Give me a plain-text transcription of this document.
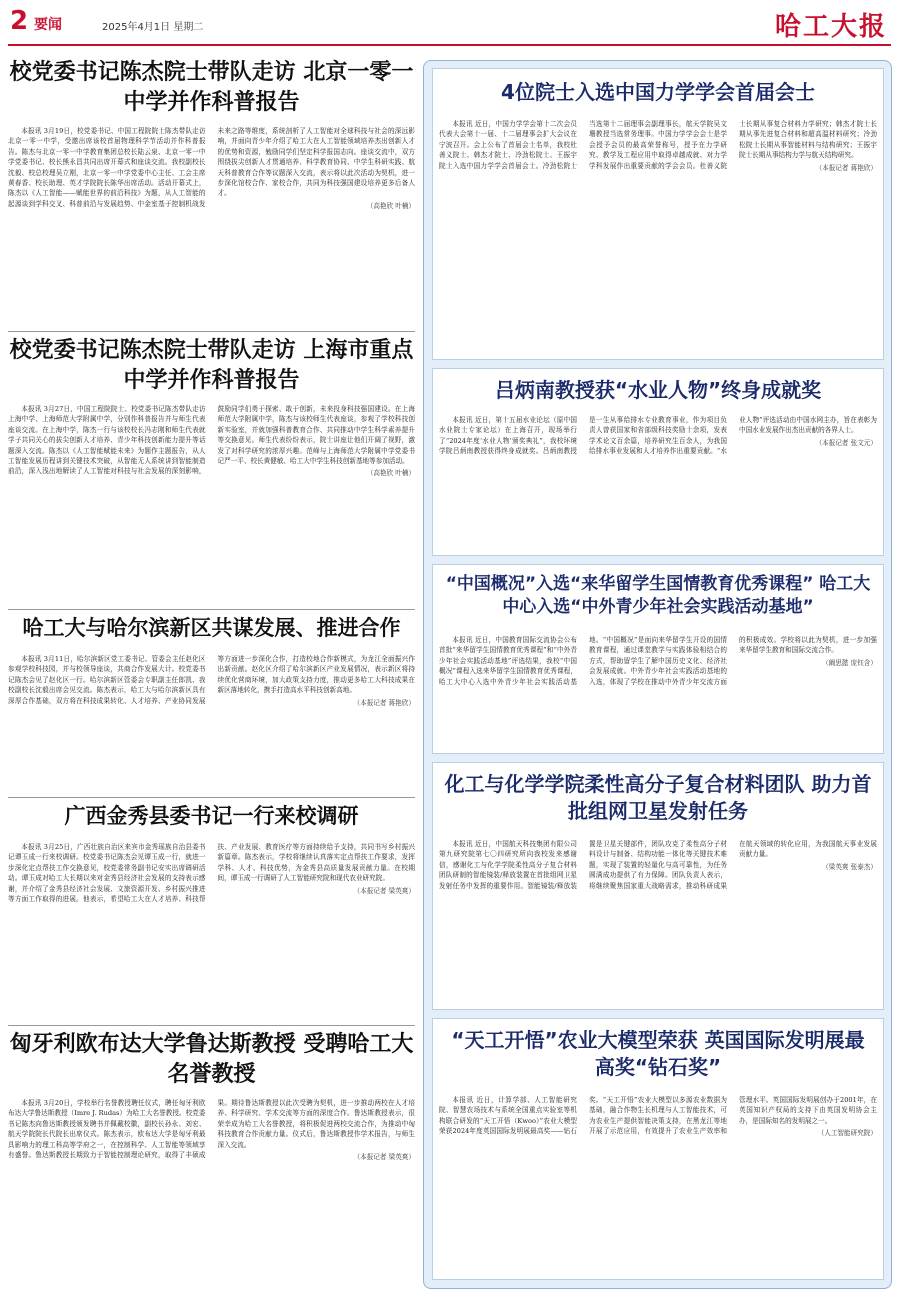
2 要闻	2025年4月1日 星期二	哈工大报
校党委书记陈杰院士带队走访 北京一零一中学并作科普报告

本报讯 3月19日，校党委书记、中国工程院院士陈杰带队走访北京一零一中学，受邀出席该校首届物理科学节活动并作科普报告。陈杰与北京一零一中学教育集团总校长陆云泉、北京一零一中学党委书记、校长熊永昌共同出席开幕式和座谈交流。我校副校长沈毅、校总校理吴立刚，北京一零一中学党委中心主任、工会主席黄春香、校长助理、英才学院院长陈华出席活动。活动开幕式上，陈杰以《人工智能——赋能世界的前沿科技》为题，从人工智能的起源谈到学科交叉、科普前沿与发展趋势、中金室基于控制机战发未来之路等维度，系统剖析了人工智能对全球科技与社会的深远影响，并面向青少年介绍了哈工大在人工智能领域培养杰出创新人才的优势和资源，勉励同学们坚定科学报国志向。座谈交流中，双方围绕拔尖创新人才贯通培养、科学教育协同、中学生科研实践、航天科普教育合作等议题深入交流，表示将以此次活动为契机，进一步深化馆校合作、家校合作，共同为科技强国建设培养更多后备人才。

（高艳欣 叶楠）
校党委书记陈杰院士带队走访 上海市重点中学并作科普报告

本报讯 3月27日，中国工程院院士、校党委书记陈杰带队走访上海中学、上海师范大学附属中学，分别作科普报告并与师生代表座谈交流。在上海中学，陈杰一行与该校校长冯志刚和师生代表就学子共同关心的拔尖创新人才培养、青少年科技创新能力提升等话题深入交流。陈杰以《人工智能赋能未来》为题作主题报告，从人工智能发展历程讲到关键技术突破，从智能无人系统讲到智能制造前沿，深入浅出地解读了人工智能对科技与社会发展的深刻影响，鼓励同学们勇于探索、敢于创新，未来投身科技强国建设。在上海师范大学附属中学，陈杰与该校师生代表座谈，参观了学校科技创新实验室，并就加强科普教育合作、共同推动中学生科学素养提升等交换意见。师生代表纷纷表示，院士讲座让他们开阔了视野，激发了对科学研究的浓厚兴趣。范峰与上海师范大学附属中学党委书记严一平、校长黄健敏、哈工大中学生科技创新基地等参加活动。

（高艳欣 叶楠）
哈工大与哈尔滨新区共谋发展、推进合作

本报讯 3月11日，哈尔滨新区党工委书记、管委会主任赵化区参观学校科技园，并与校领导座谈，共商合作发展大计。校党委书记陈杰会见了赵化区一行。哈尔滨新区管委会专职副主任郎凯、我校副校长沈毅出席会见交流。陈杰表示，哈工大与哈尔滨新区具有深厚合作基础，双方将在科技成果转化、人才培养、产业协同发展等方面进一步深化合作，打造校地合作新模式，为龙江全面振兴作出新贡献。赵化区介绍了哈尔滨新区产业发展情况，表示新区将持续优化营商环境，加大政策支持力度，推动更多哈工大科技成果在新区落地转化，携手打造高水平科技创新高地。

（本报记者 蒋艳欣）
广西金秀县委书记一行来校调研

本报讯 3月25日，广西壮族自治区来宾市金秀瑶族自治县委书记谭玉成一行来校调研。校党委书记陈杰会见谭玉成一行，就进一步深化定点帮扶工作交换意见，校党委常务副书记安实出席调研活动。谭玉成对哈工大长期以来对金秀县经济社会发展的支持表示感谢，并介绍了金秀县经济社会发展、文旅资源开发、乡村振兴推进等方面工作取得的进展。他表示，希望哈工大在人才培养、科技帮扶、产业发展、教育医疗等方面持续给予支持，共同书写乡村振兴新篇章。陈杰表示，学校将继续认真落实定点帮扶工作要求，发挥学科、人才、科技优势，为金秀县高质量发展贡献力量。在校期间，谭玉成一行调研了人工智能研究院和现代农业研究院。

（本报记者 梁英爽）
匈牙利欧布达大学鲁达斯教授 受聘哈工大名誉教授

本报讯 3月20日，学校举行名誉教授聘任仪式，聘任匈牙利欧布达大学鲁达斯教授（Imre J. Rudas）为哈工大名誉教授。校党委书记陈杰向鲁达斯教授颁发聘书并佩戴校徽，副校长孙永、刘宏、航天学院院长代院长出席仪式。陈杰表示，欧布达大学是匈牙利最具影响力的理工科高等学府之一，在控制科学、人工智能等领域享有盛誉。鲁达斯教授长期致力于智能控制理论研究，取得了丰硕成果。期待鲁达斯教授以此次受聘为契机，进一步推动两校在人才培养、科学研究、学术交流等方面的深度合作。鲁达斯教授表示，很荣幸成为哈工大名誉教授，将积极促进两校交流合作，为推动中匈科技教育合作贡献力量。仪式后，鲁达斯教授作学术报告，与师生深入交流。

（本报记者 梁英爽）
4位院士入选中国力学学会首届会士

本报讯 近日，中国力学学会第十二次会员代表大会第十一届、十二届理事会扩大会议在宁波召开。会上公布了首届会士名单，我校杜善义院士、韩杰才院士、冷劲松院士、王振宇院士入选中国力学学会首届会士。冷劲松院士当选第十二届理事会副理事长，航天学院吴文珊教授当选常务理事。中国力学学会会士是学会授予会员的最高荣誉称号，授予在力学研究、教学及工程应用中取得卓越成就、对力学学科发展作出重要贡献的学会会员。杜善义院士长期从事复合材料力学研究；韩杰才院士长期从事先进复合材料和超高温材料研究；冷劲松院士长期从事智能材料与结构研究；王振宇院士长期从事结构力学与航天结构研究。

（本报记者 蒋艳欣）
吕炳南教授获“水业人物”终身成就奖

本报讯 近日，第十五届水业论坛（原中国水业院士专家论坛）在上海召开，现场举行了“2024年度‘水业人物’颁奖典礼”，我校环境学院吕炳南教授获得终身成就奖。吕炳南教授是一生从事给排水专业教育事业，作为项目负责人曾获国家和省部级科技奖励十余项，发表学术论文百余篇，培养研究生百余人，为我国给排水事业发展和人才培养作出重要贡献。“水业人物”评选活动由中国水网主办，旨在表彰为中国水业发展作出杰出贡献的各界人士。

（本报记者 张文元）
“中国概况”入选“来华留学生国情教育优秀课程” 哈工大中心入选“中外青少年社会实践活动基地”

本报讯 近日，中国教育国际交流协会公布首批“来华留学生国情教育优秀课程”和“中外青少年社会实践活动基地”评选结果，我校“中国概况”课程入选来华留学生国情教育优秀课程，哈工大中心入选中外青少年社会实践活动基地。“中国概况”是面向来华留学生开设的国情教育课程，通过课堂教学与实践体验相结合的方式，帮助留学生了解中国历史文化、经济社会发展成就。中外青少年社会实践活动基地的入选，体现了学校在推动中外青少年交流方面的积极成效。学校将以此为契机，进一步加强来华留学生教育和国际交流合作。

（阚思懿 庞钰含）
化工与化学学院柔性高分子复合材料团队 助力首批组网卫星发射任务

本报讯 近日，中国航天科技集团有限公司第九研究院第七〇四研究所向我校发来感谢信，感谢化工与化学学院柔性高分子复合材料团队研制的智能镜装/释放装置在首批组网卫星发射任务中发挥的重要作用。智能镜装/释放装置是卫星关键部件，团队攻克了柔性高分子材料设计与制备、结构功能一体化等关键技术难题，实现了装置的轻量化与高可靠性，为任务圆满成功提供了有力保障。团队负责人表示，将继续聚焦国家重大战略需求，推动科研成果在航天领域的转化应用，为我国航天事业发展贡献力量。

（梁英爽 张泰杰）
“天工开悟”农业大模型荣获 英国国际发明展最高奖“钻石奖”

本报讯 近日，计算学部、人工智能研究院、智慧农场技术与系统全国重点实验室等机构联合研发的“天工开悟（Kwoo）”农业大模型荣获2024年度英国国际发明展最高奖——钻石奖。“天工开悟”农业大模型以多源农业数据为基础，融合作物生长机理与人工智能技术，可为农业生产提供智能决策支持，在黑龙江等地开展了示范应用，有效提升了农业生产效率和管理水平。英国国际发明展创办于2001年，在英国知识产权局的支持下由英国发明协会主办，是国际知名的发明展之一。

（人工智能研究院）
